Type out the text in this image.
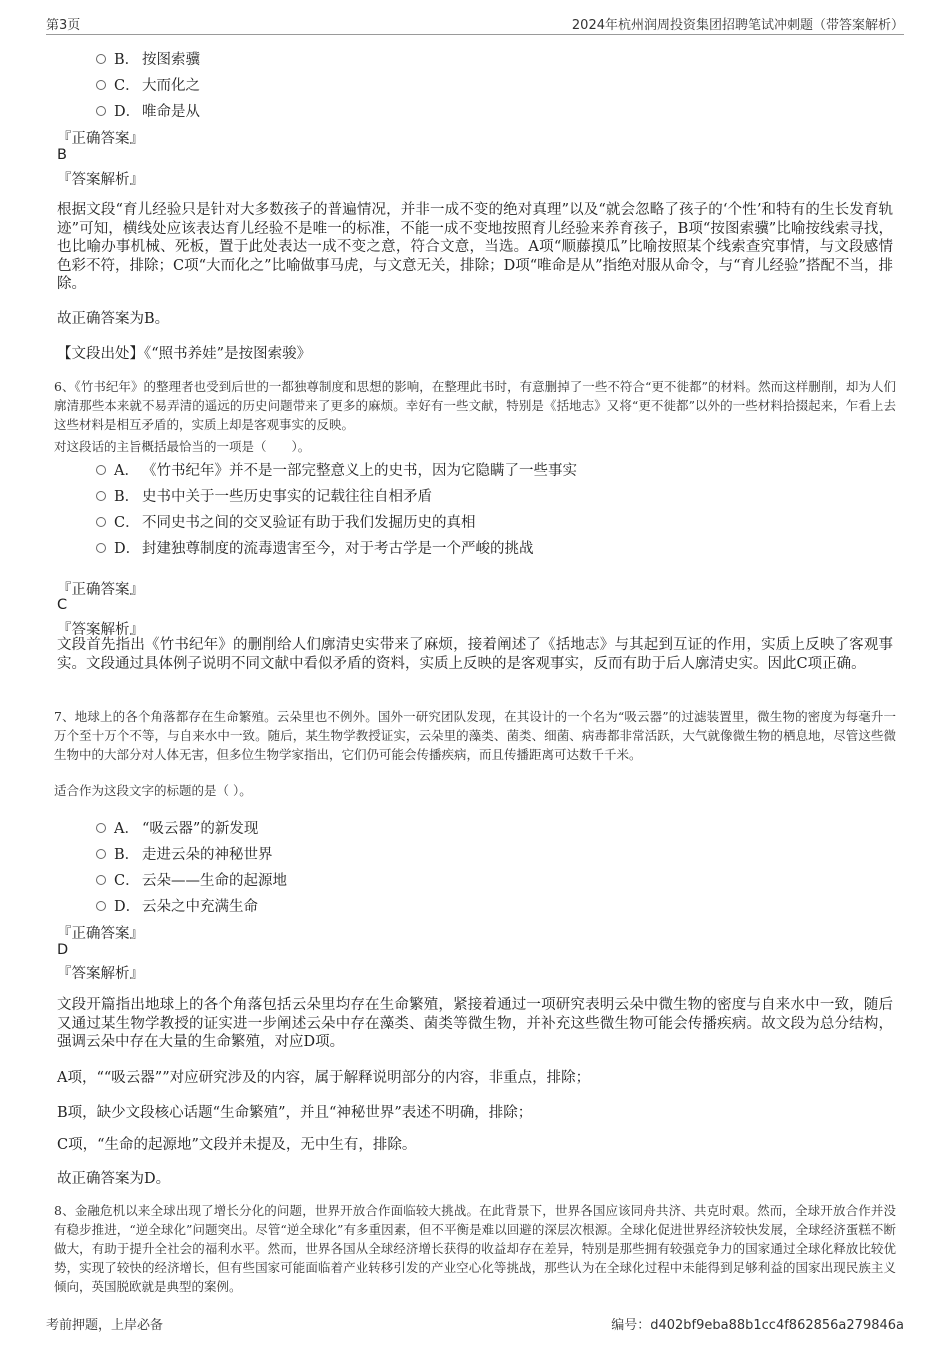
第3页	2024年杭州润周投资集团招聘笔试冲刺题（带答案解析）
B． 按图索骥
C． 大而化之
D． 唯命是从
『正确答案』
B
『答案解析』
根据文段“育儿经验只是针对大多数孩子的普遍情况，并非一成不变的绝对真理”以及“就会忽略了孩子的‘个性’和特有的生长发育轨迹”可知，横线处应该表达育儿经验不是唯一的标准，不能一成不变地按照育儿经验来养育孩子，B项“按图索骥”比喻按线索寻找，也比喻办事机械、死板，置于此处表达一成不变之意，符合文意，当选。A项“顺藤摸瓜”比喻按照某个线索查究事情，与文段感情色彩不符，排除；C项“大而化之”比喻做事马虎，与文意无关，排除；D项“唯命是从”指绝对服从命令，与“育儿经验”搭配不当，排除。
故正确答案为B。
【文段出处】《“照书养娃”是按图索骏》
6、《竹书纪年》的整理者也受到后世的一都独尊制度和思想的影响，在整理此书时，有意删掉了一些不符合“更不徙都”的材料。然而这样删削，却为人们廓清那些本来就不易弄清的遥远的历史问题带来了更多的麻烦。幸好有一些文献，特别是《括地志》又将“更不徙都”以外的一些材料拾掇起来，乍看上去这些材料是相互矛盾的，实质上却是客观事实的反映。
对这段话的主旨概括最恰当的一项是（　　）。
A． 《竹书纪年》并不是一部完整意义上的史书，因为它隐瞒了一些事实
B． 史书中关于一些历史事实的记载往往自相矛盾
C． 不同史书之间的交叉验证有助于我们发掘历史的真相
D． 封建独尊制度的流毒遗害至今，对于考古学是一个严峻的挑战
『正确答案』
C
『答案解析』
文段首先指出《竹书纪年》的删削给人们廓清史实带来了麻烦，接着阐述了《括地志》与其起到互证的作用，实质上反映了客观事实。文段通过具体例子说明不同文献中看似矛盾的资料，实质上反映的是客观事实，反而有助于后人廓清史实。因此C项正确。
7、地球上的各个角落都存在生命繁殖。云朵里也不例外。国外一研究团队发现，在其设计的一个名为“吸云器”的过滤装置里，微生物的密度为每毫升一万个至十万个不等，与自来水中一致。随后，某生物学教授证实，云朵里的藻类、菌类、细菌、病毒都非常活跃，大气就像微生物的栖息地，尽管这些微生物中的大部分对人体无害，但多位生物学家指出，它们仍可能会传播疾病，而且传播距离可达数千千米。
适合作为这段文字的标题的是（ ）。
A． “吸云器”的新发现
B． 走进云朵的神秘世界
C． 云朵——生命的起源地
D． 云朵之中充满生命
『正确答案』
D
『答案解析』
文段开篇指出地球上的各个角落包括云朵里均存在生命繁殖，紧接着通过一项研究表明云朵中微生物的密度与自来水中一致，随后又通过某生物学教授的证实进一步阐述云朵中存在藻类、菌类等微生物，并补充这些微生物可能会传播疾病。故文段为总分结构，强调云朵中存在大量的生命繁殖，对应D项。
A项，““吸云器””对应研究涉及的内容，属于解释说明部分的内容，非重点，排除；
B项，缺少文段核心话题“生命繁殖”，并且“神秘世界”表述不明确，排除；
C项，“生命的起源地”文段并未提及，无中生有，排除。
故正确答案为D。
8、金融危机以来全球出现了增长分化的问题，世界开放合作面临较大挑战。在此背景下，世界各国应该同舟共济、共克时艰。然而，全球开放合作并没有稳步推进，“逆全球化”问题突出。尽管“逆全球化”有多重因素，但不平衡是难以回避的深层次根源。全球化促进世界经济较快发展，全球经济蛋糕不断做大，有助于提升全社会的福利水平。然而，世界各国从全球经济增长获得的收益却存在差异，特别是那些拥有较强竞争力的国家通过全球化释放比较优势，实现了较快的经济增长，但有些国家可能面临着产业转移引发的产业空心化等挑战，那些认为在全球化过程中未能得到足够利益的国家出现民族主义倾向，英国脱欧就是典型的案例。
考前押题，上岸必备	编号：d402bf9eba88b1cc4f862856a279846a
